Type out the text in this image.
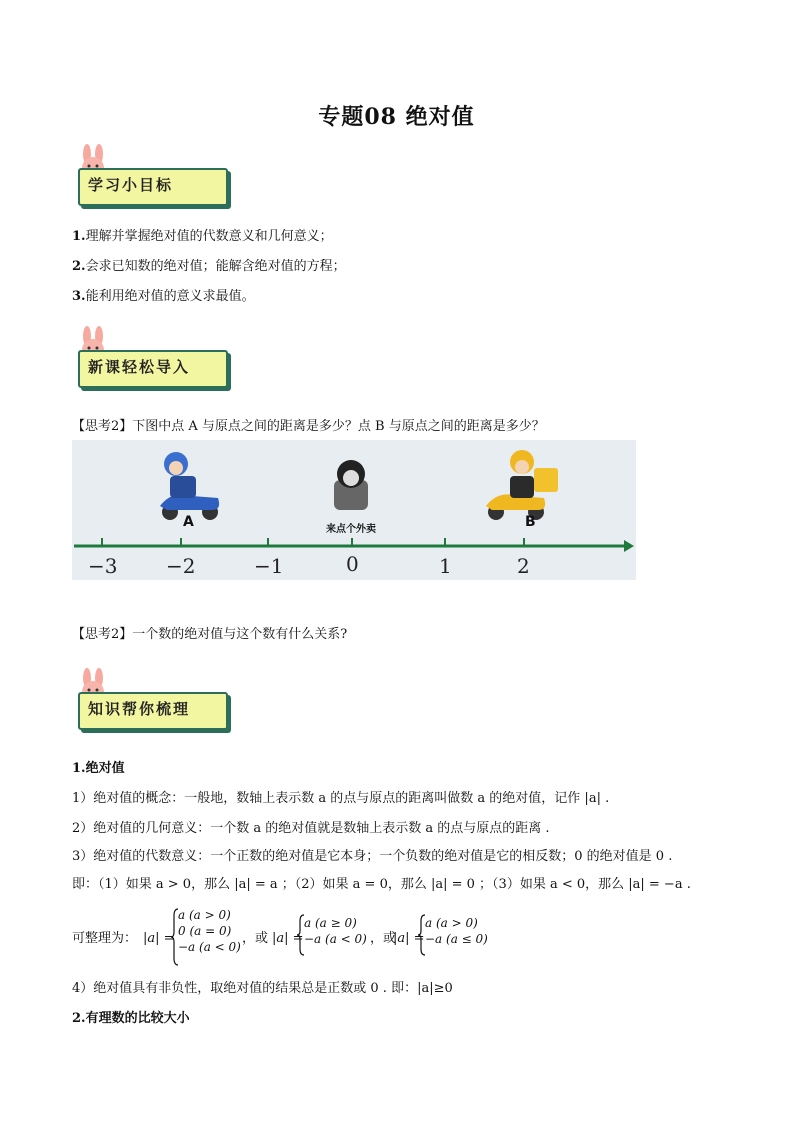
专题08 绝对值
学习小目标
1.理解并掌握绝对值的代数意义和几何意义；
2.会求已知数的绝对值；能解含绝对值的方程；
3.能利用绝对值的意义求最值。
新课轻松导入
【思考2】下图中点 A 与原点之间的距离是多少？点 B 与原点之间的距离是多少？
A	B
来点个外卖
−3 −2	−1	0	1	2
【思考2】一个数的绝对值与这个数有什么关系?
知识帮你梳理
1.绝对值
1）绝对值的概念：一般地，数轴上表示数 a 的点与原点的距离叫做数 a 的绝对值，记作 |a| .
2）绝对值的几何意义：一个数 a 的绝对值就是数轴上表示数 a 的点与原点的距离 .
3）绝对值的代数意义：一个正数的绝对值是它本身；一个负数的绝对值是它的相反数；0 的绝对值是 0 .
即：（1）如果 a > 0，那么 |a| = a ；（2）如果 a = 0，那么 |a| = 0 ；（3）如果 a < 0，那么 |a| = −a .
可整理为： |a| =
a (a > 0)
0 (a = 0)
−a (a < 0)
，或 |a| =
a (a ≥ 0)
−a (a < 0) ，或
|a| =
a (a > 0)
−a (a ≤ 0)
4）绝对值具有非负性，取绝对值的结果总是正数或 0 . 即：|a|≥0
2.有理数的比较大小
